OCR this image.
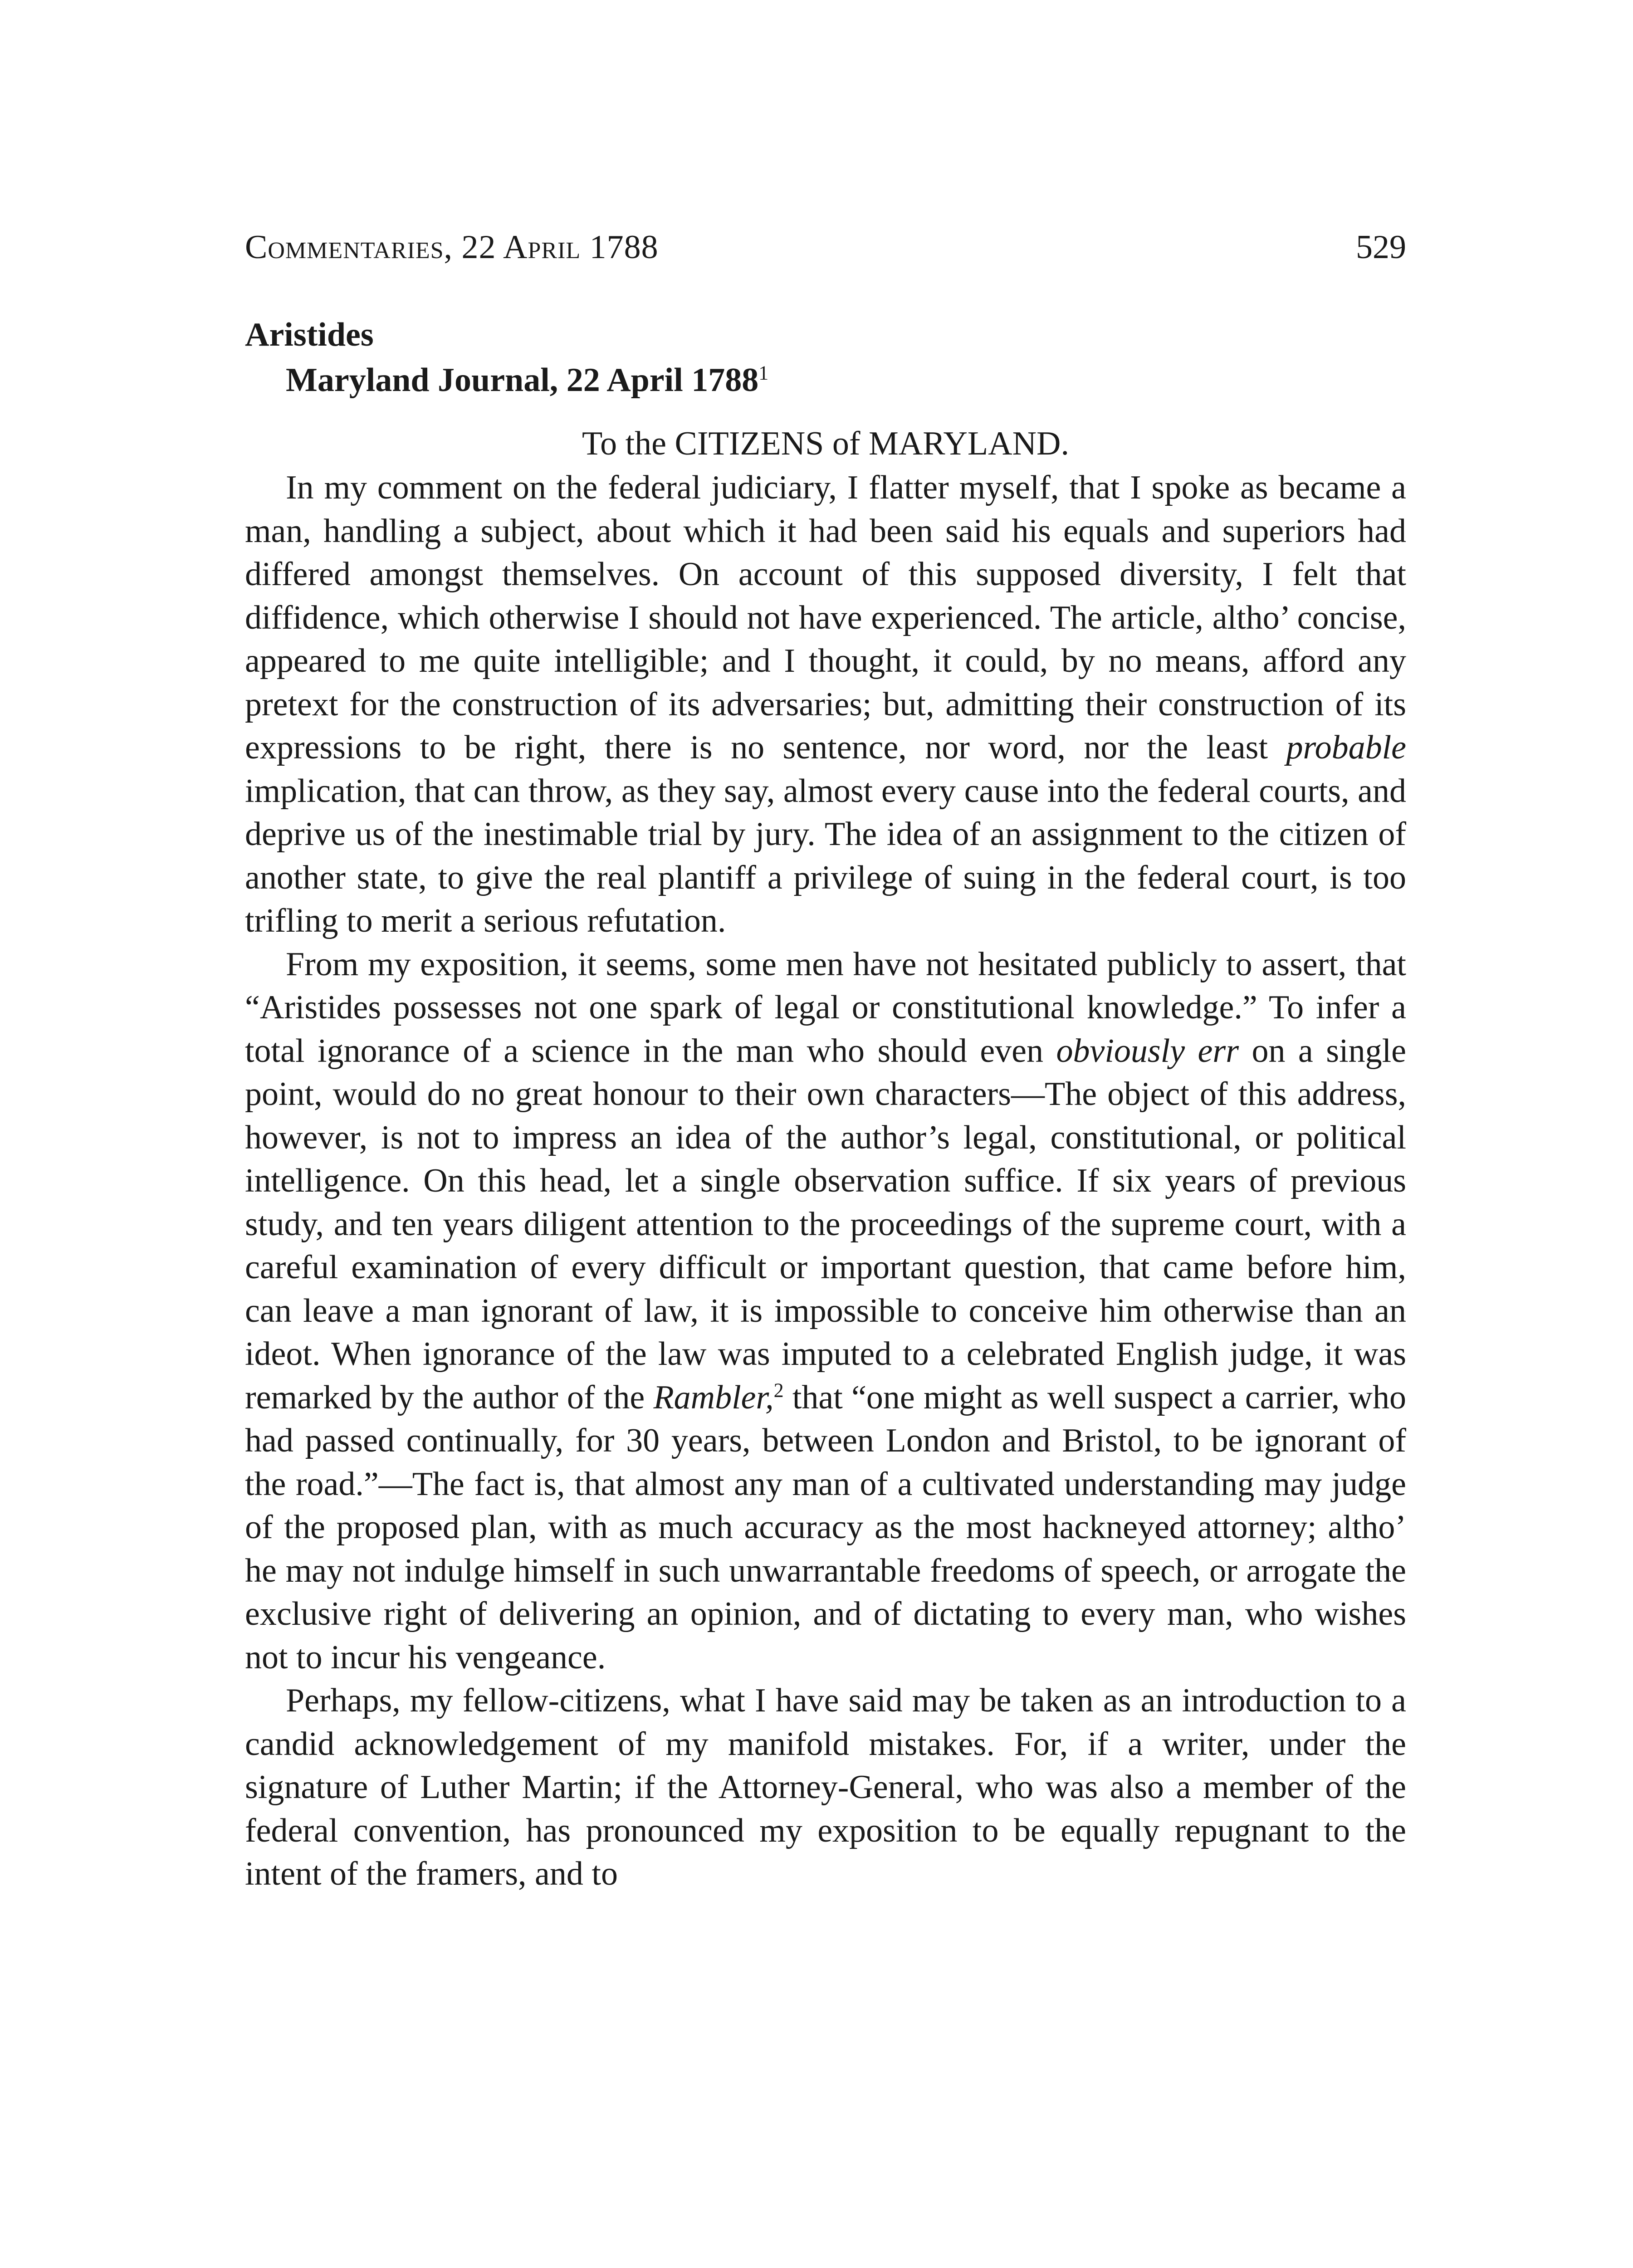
Commentaries, 22 April 1788	529
Aristides
Maryland Journal, 22 April 1788$^1$
To the CITIZENS of MARYLAND.

In my comment on the federal judiciary, I flatter myself, that I spoke as became a man, handling a subject, about which it had been said his equals and superiors had differed amongst themselves. On account of this supposed diversity, I felt that diffidence, which otherwise I should not have experienced. The article, altho’ concise, appeared to me quite intelligible; and I thought, it could, by no means, afford any pretext for the construction of its adversaries; but, admitting their construction of its expressions to be right, there is no sentence, nor word, nor the least probable implication, that can throw, as they say, almost every cause into the federal courts, and deprive us of the inestimable trial by jury. The idea of an assignment to the citizen of another state, to give the real plantiff a privilege of suing in the federal court, is too trifling to merit a serious refutation.

From my exposition, it seems, some men have not hesitated publicly to assert, that “Aristides possesses not one spark of legal or constitutional knowledge.” To infer a total ignorance of a science in the man who should even obviously err on a single point, would do no great honour to their own characters—The object of this address, however, is not to impress an idea of the author’s legal, constitutional, or political intelligence. On this head, let a single observation suffice. If six years of previous study, and ten years diligent attention to the proceedings of the supreme court, with a careful examination of every difficult or important question, that came before him, can leave a man ignorant of law, it is impossible to conceive him otherwise than an ideot. When ignorance of the law was imputed to a celebrated English judge, it was remarked by the author of the Rambler,$^2$ that “one might as well suspect a carrier, who had passed continually, for 30 years, between London and Bristol, to be ignorant of the road.”—The fact is, that almost any man of a cultivated understanding may judge of the proposed plan, with as much accuracy as the most hackneyed attorney; altho’ he may not indulge himself in such unwarrantable freedoms of speech, or arrogate the exclusive right of delivering an opinion, and of dictating to every man, who wishes not to incur his vengeance.

Perhaps, my fellow-citizens, what I have said may be taken as an introduction to a candid acknowledgement of my manifold mistakes. For, if a writer, under the signature of Luther Martin; if the Attorney-General, who was also a member of the federal convention, has pronounced my exposition to be equally repugnant to the intent of the framers, and to
